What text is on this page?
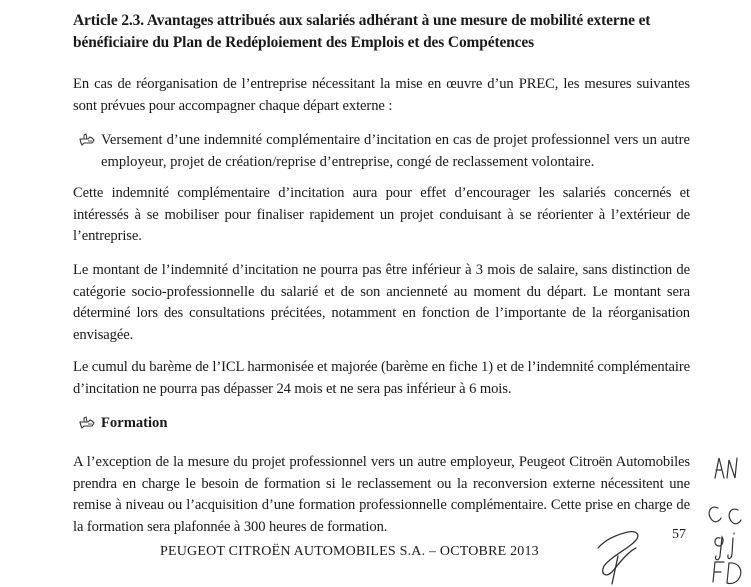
Article 2.3. Avantages attribués aux salariés adhérant à une mesure de mobilité externe et
bénéficiaire du Plan de Redéploiement des Emplois et des Compétences
En cas de réorganisation de l’entreprise nécessitant la mise en œuvre d’un PREC, les mesures suivantes sont prévues pour accompagner chaque départ externe :
Versement d’une indemnité complémentaire d’incitation en cas de projet professionnel vers un autre employeur, projet de création/reprise d’entreprise, congé de reclassement volontaire.
Cette indemnité complémentaire d’incitation aura pour effet d’encourager les salariés concernés et intéressés à se mobiliser pour finaliser rapidement un projet conduisant à se réorienter à l’extérieur de l’entreprise.
Le montant de l’indemnité d’incitation ne pourra pas être inférieur à 3 mois de salaire, sans distinction de catégorie socio-professionnelle du salarié et de son ancienneté au moment du départ. Le montant sera déterminé lors des consultations précitées, notamment en fonction de l’importante de la réorganisation envisagée.
Le cumul du barème de l’ICL harmonisée et majorée (barème en fiche 1) et de l’indemnité complémentaire d’incitation ne pourra pas dépasser 24 mois et ne sera pas inférieur à 6 mois.
Formation
A l’exception de la mesure du projet professionnel vers un autre employeur, Peugeot Citroën Automobiles prendra en charge le besoin de formation si le reclassement ou la reconversion externe nécessitent une remise à niveau ou l’acquisition d’une formation professionnelle complémentaire. Cette prise en charge de la formation sera plafonnée à 300 heures de formation.	57
PEUGEOT CITROËN AUTOMOBILES S.A. – OCTOBRE 2013
